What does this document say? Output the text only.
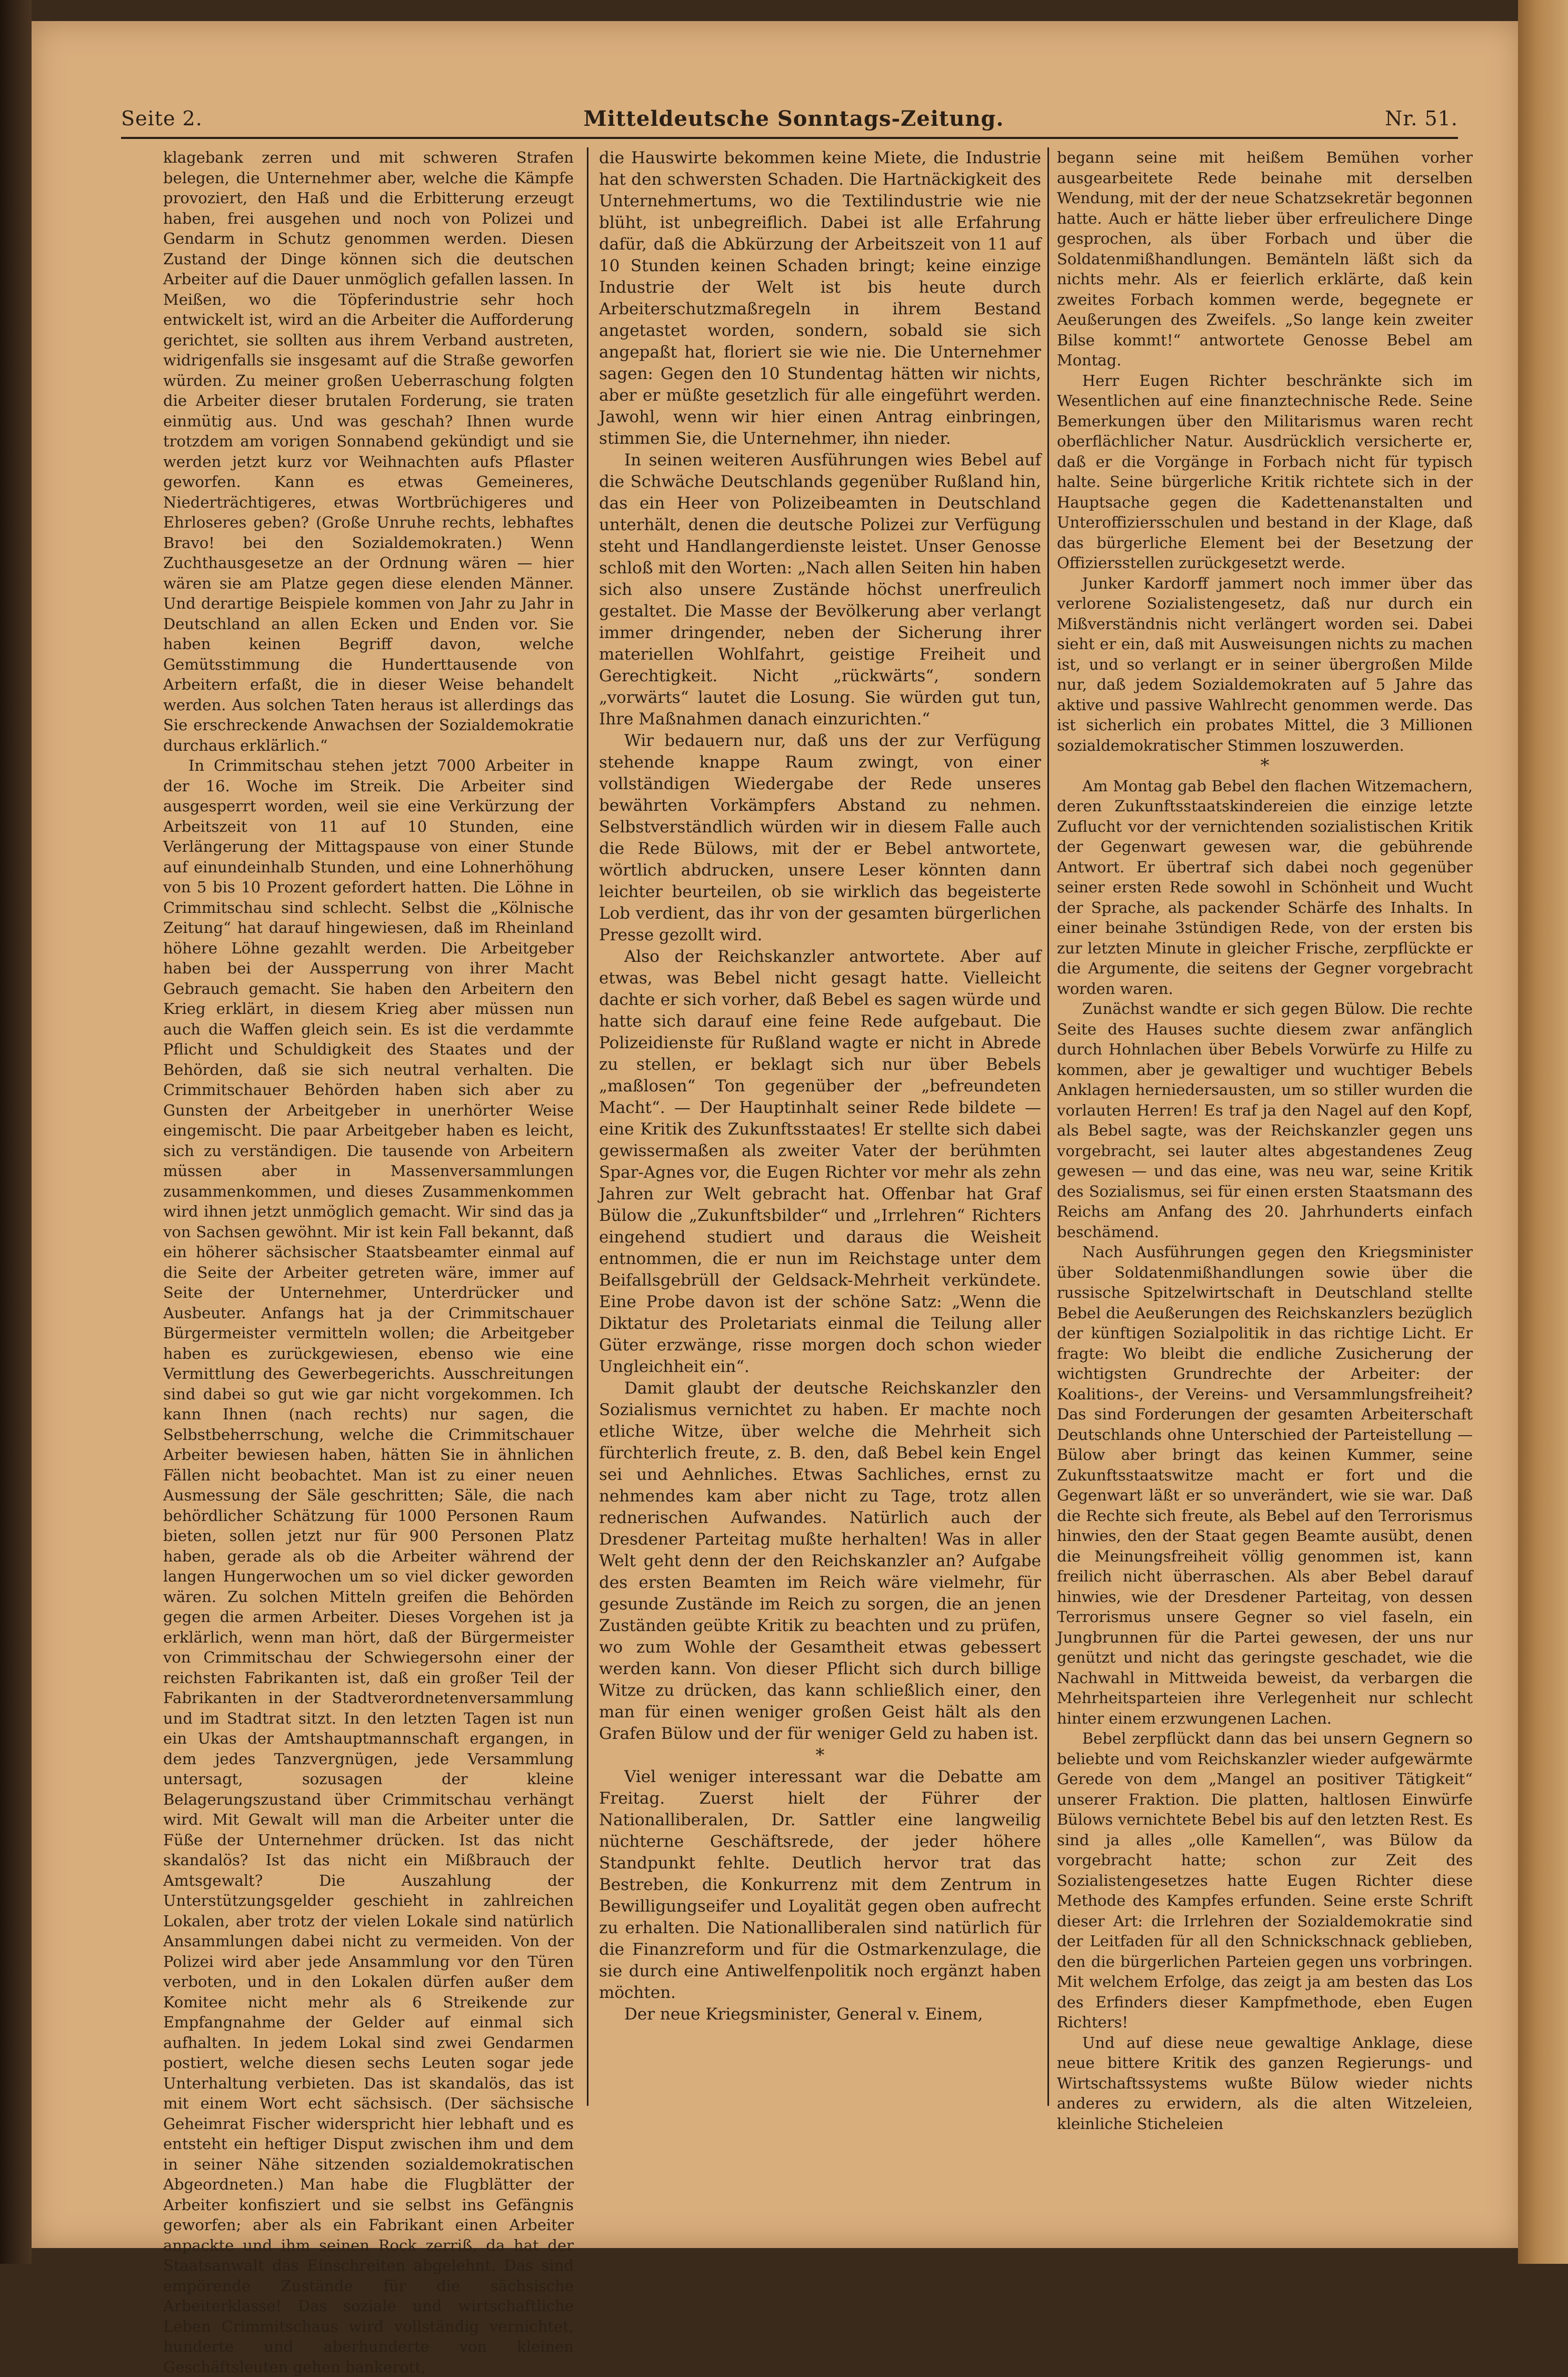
Seite 2.	Mitteldeutsche Sonntags-Zeitung.	Nr. 51.

klagebank zerren und mit schweren Strafen belegen, die Unternehmer aber, welche die Kämpfe provoziert, den Haß und die Erbitterung erzeugt haben, frei ausgehen und noch von Polizei und Gendarm in Schutz genommen werden. Diesen Zustand der Dinge können sich die deutschen Arbeiter auf die Dauer unmöglich gefallen lassen. In Meißen, wo die Töpferindustrie sehr hoch entwickelt ist, wird an die Arbeiter die Aufforderung gerichtet, sie sollten aus ihrem Verband austreten, widrigenfalls sie insgesamt auf die Straße geworfen würden. Zu meiner großen Ueberraschung folgten die Arbeiter dieser brutalen Forderung, sie traten einmütig aus. Und was geschah? Ihnen wurde trotzdem am vorigen Sonnabend gekündigt und sie werden jetzt kurz vor Weihnachten aufs Pflaster geworfen. Kann es etwas Gemeineres, Niederträchtigeres, etwas Wortbrüchigeres und Ehrloseres geben? (Große Unruhe rechts, lebhaftes Bravo! bei den Sozialdemokraten.) Wenn Zuchthausgesetze an der Ordnung wären — hier wären sie am Platze gegen diese elenden Männer. Und derartige Beispiele kommen von Jahr zu Jahr in Deutschland an allen Ecken und Enden vor. Sie haben keinen Begriff davon, welche Gemütsstimmung die Hunderttausende von Arbeitern erfaßt, die in dieser Weise behandelt werden. Aus solchen Taten heraus ist allerdings das Sie erschreckende Anwachsen der Sozialdemokratie durchaus erklärlich.“

In Crimmitschau stehen jetzt 7000 Arbeiter in der 16. Woche im Streik. Die Arbeiter sind ausgesperrt worden, weil sie eine Verkürzung der Arbeitszeit von 11 auf 10 Stunden, eine Verlängerung der Mittagspause von einer Stunde auf einundeinhalb Stunden, und eine Lohnerhöhung von 5 bis 10 Prozent gefordert hatten. Die Löhne in Crimmitschau sind schlecht. Selbst die „Kölnische Zeitung“ hat darauf hingewiesen, daß im Rheinland höhere Löhne gezahlt werden. Die Arbeitgeber haben bei der Aussperrung von ihrer Macht Gebrauch gemacht. Sie haben den Arbeitern den Krieg erklärt, in diesem Krieg aber müssen nun auch die Waffen gleich sein. Es ist die verdammte Pflicht und Schuldigkeit des Staates und der Behörden, daß sie sich neutral verhalten. Die Crimmitschauer Behörden haben sich aber zu Gunsten der Arbeitgeber in unerhörter Weise eingemischt. Die paar Arbeitgeber haben es leicht, sich zu verständigen. Die tausende von Arbeitern müssen aber in Massenversammlungen zusammenkommen, und dieses Zusammenkommen wird ihnen jetzt unmöglich gemacht. Wir sind das ja von Sachsen gewöhnt. Mir ist kein Fall bekannt, daß ein höherer sächsischer Staatsbeamter einmal auf die Seite der Arbeiter getreten wäre, immer auf Seite der Unternehmer, Unterdrücker und Ausbeuter. Anfangs hat ja der Crimmitschauer Bürgermeister vermitteln wollen; die Arbeitgeber haben es zurückgewiesen, ebenso wie eine Vermittlung des Gewerbegerichts. Ausschreitungen sind dabei so gut wie gar nicht vorgekommen. Ich kann Ihnen (nach rechts) nur sagen, die Selbstbeherrschung, welche die Crimmitschauer Arbeiter bewiesen haben, hätten Sie in ähnlichen Fällen nicht beobachtet. Man ist zu einer neuen Ausmessung der Säle geschritten; Säle, die nach behördlicher Schätzung für 1000 Personen Raum bieten, sollen jetzt nur für 900 Personen Platz haben, gerade als ob die Arbeiter während der langen Hungerwochen um so viel dicker geworden wären. Zu solchen Mitteln greifen die Behörden gegen die armen Arbeiter. Dieses Vorgehen ist ja erklärlich, wenn man hört, daß der Bürgermeister von Crimmitschau der Schwiegersohn einer der reichsten Fabrikanten ist, daß ein großer Teil der Fabrikanten in der Stadtverordnetenversammlung und im Stadtrat sitzt. In den letzten Tagen ist nun ein Ukas der Amtshauptmannschaft ergangen, in dem jedes Tanzvergnügen, jede Versammlung untersagt, sozusagen der kleine Belagerungszustand über Crimmitschau verhängt wird. Mit Gewalt will man die Arbeiter unter die Füße der Unternehmer drücken. Ist das nicht skandalös? Ist das nicht ein Mißbrauch der Amtsgewalt? Die Auszahlung der Unterstützungsgelder geschieht in zahlreichen Lokalen, aber trotz der vielen Lokale sind natürlich Ansammlungen dabei nicht zu vermeiden. Von der Polizei wird aber jede Ansammlung vor den Türen verboten, und in den Lokalen dürfen außer dem Komitee nicht mehr als 6 Streikende zur Empfangnahme der Gelder auf einmal sich aufhalten. In jedem Lokal sind zwei Gendarmen postiert, welche diesen sechs Leuten sogar jede Unterhaltung verbieten. Das ist skandalös, das ist mit einem Wort echt sächsisch. (Der sächsische Geheimrat Fischer widerspricht hier lebhaft und es entsteht ein heftiger Disput zwischen ihm und dem in seiner Nähe sitzenden sozialdemokratischen Abgeordneten.) Man habe die Flugblätter der Arbeiter konfisziert und sie selbst ins Gefängnis geworfen; aber als ein Fabrikant einen Arbeiter anpackte und ihm seinen Rock zerriß, da hat der Staatsanwalt das Einschreiten abgelehnt. Das sind empörende Zustände für die sächsische Arbeiterklasse! Das soziale und wirtschaftliche Leben Crimmitschaus wird vollständig vernichtet, hunderte und aberhunderte von kleinen Geschäftsleuten gehen bankerott,

die Hauswirte bekommen keine Miete, die Industrie hat den schwersten Schaden. Die Hartnäckigkeit des Unternehmertums, wo die Textilindustrie wie nie blüht, ist unbegreiflich. Dabei ist alle Erfahrung dafür, daß die Abkürzung der Arbeitszeit von 11 auf 10 Stunden keinen Schaden bringt; keine einzige Industrie der Welt ist bis heute durch Arbeiterschutzmaßregeln in ihrem Bestand angetastet worden, sondern, sobald sie sich angepaßt hat, floriert sie wie nie. Die Unternehmer sagen: Gegen den 10 Stundentag hätten wir nichts, aber er müßte gesetzlich für alle eingeführt werden. Jawohl, wenn wir hier einen Antrag einbringen, stimmen Sie, die Unternehmer, ihn nieder.

In seinen weiteren Ausführungen wies Bebel auf die Schwäche Deutschlands gegenüber Rußland hin, das ein Heer von Polizeibeamten in Deutschland unterhält, denen die deutsche Polizei zur Verfügung steht und Handlangerdienste leistet. Unser Genosse schloß mit den Worten: „Nach allen Seiten hin haben sich also unsere Zustände höchst unerfreulich gestaltet. Die Masse der Bevölkerung aber verlangt immer dringender, neben der Sicherung ihrer materiellen Wohlfahrt, geistige Freiheit und Gerechtigkeit. Nicht „rückwärts“, sondern „vorwärts“ lautet die Losung. Sie würden gut tun, Ihre Maßnahmen danach einzurichten.“

Wir bedauern nur, daß uns der zur Verfügung stehende knappe Raum zwingt, von einer vollständigen Wiedergabe der Rede unseres bewährten Vorkämpfers Abstand zu nehmen. Selbstverständlich würden wir in diesem Falle auch die Rede Bülows, mit der er Bebel antwortete, wörtlich abdrucken, unsere Leser könnten dann leichter beurteilen, ob sie wirklich das begeisterte Lob verdient, das ihr von der gesamten bürgerlichen Presse gezollt wird.

Also der Reichskanzler antwortete. Aber auf etwas, was Bebel nicht gesagt hatte. Vielleicht dachte er sich vorher, daß Bebel es sagen würde und hatte sich darauf eine feine Rede aufgebaut. Die Polizeidienste für Rußland wagte er nicht in Abrede zu stellen, er beklagt sich nur über Bebels „maßlosen“ Ton gegenüber der „befreundeten Macht“. — Der Hauptinhalt seiner Rede bildete — eine Kritik des Zukunftsstaates! Er stellte sich dabei gewissermaßen als zweiter Vater der berühmten Spar-Agnes vor, die Eugen Richter vor mehr als zehn Jahren zur Welt gebracht hat. Offenbar hat Graf Bülow die „Zukunftsbilder“ und „Irrlehren“ Richters eingehend studiert und daraus die Weisheit entnommen, die er nun im Reichstage unter dem Beifallsgebrüll der Geldsack-Mehrheit verkündete. Eine Probe davon ist der schöne Satz: „Wenn die Diktatur des Proletariats einmal die Teilung aller Güter erzwänge, risse morgen doch schon wieder Ungleichheit ein“.

Damit glaubt der deutsche Reichskanzler den Sozialismus vernichtet zu haben. Er machte noch etliche Witze, über welche die Mehrheit sich fürchterlich freute, z. B. den, daß Bebel kein Engel sei und Aehnliches. Etwas Sachliches, ernst zu nehmendes kam aber nicht zu Tage, trotz allen rednerischen Aufwandes. Natürlich auch der Dresdener Parteitag mußte herhalten! Was in aller Welt geht denn der den Reichskanzler an? Aufgabe des ersten Beamten im Reich wäre vielmehr, für gesunde Zustände im Reich zu sorgen, die an jenen Zuständen geübte Kritik zu beachten und zu prüfen, wo zum Wohle der Gesamtheit etwas gebessert werden kann. Von dieser Pflicht sich durch billige Witze zu drücken, das kann schließlich einer, den man für einen weniger großen Geist hält als den Grafen Bülow und der für weniger Geld zu haben ist.

*

Viel weniger interessant war die Debatte am Freitag. Zuerst hielt der Führer der Nationalliberalen, Dr. Sattler eine langweilig nüchterne Geschäftsrede, der jeder höhere Standpunkt fehlte. Deutlich hervor trat das Bestreben, die Konkurrenz mit dem Zentrum in Bewilligungseifer und Loyalität gegen oben aufrecht zu erhalten. Die Nationalliberalen sind natürlich für die Finanzreform und für die Ostmarkenzulage, die sie durch eine Antiwelfenpolitik noch ergänzt haben möchten.

Der neue Kriegsminister, General v. Einem,

begann seine mit heißem Bemühen vorher ausgearbeitete Rede beinahe mit derselben Wendung, mit der der neue Schatzsekretär begonnen hatte. Auch er hätte lieber über erfreulichere Dinge gesprochen, als über Forbach und über die Soldatenmißhandlungen. Bemänteln läßt sich da nichts mehr. Als er feierlich erklärte, daß kein zweites Forbach kommen werde, begegnete er Aeußerungen des Zweifels. „So lange kein zweiter Bilse kommt!“ antwortete Genosse Bebel am Montag.

Herr Eugen Richter beschränkte sich im Wesentlichen auf eine finanztechnische Rede. Seine Bemerkungen über den Militarismus waren recht oberflächlicher Natur. Ausdrücklich versicherte er, daß er die Vorgänge in Forbach nicht für typisch halte. Seine bürgerliche Kritik richtete sich in der Hauptsache gegen die Kadettenanstalten und Unteroffiziersschulen und bestand in der Klage, daß das bürgerliche Element bei der Besetzung der Offiziersstellen zurückgesetzt werde.

Junker Kardorff jammert noch immer über das verlorene Sozialistengesetz, daß nur durch ein Mißverständnis nicht verlängert worden sei. Dabei sieht er ein, daß mit Ausweisungen nichts zu machen ist, und so verlangt er in seiner übergroßen Milde nur, daß jedem Sozialdemokraten auf 5 Jahre das aktive und passive Wahlrecht genommen werde. Das ist sicherlich ein probates Mittel, die 3 Millionen sozialdemokratischer Stimmen loszuwerden.

*

Am Montag gab Bebel den flachen Witzemachern, deren Zukunftsstaatskindereien die einzige letzte Zuflucht vor der vernichtenden sozialistischen Kritik der Gegenwart gewesen war, die gebührende Antwort. Er übertraf sich dabei noch gegenüber seiner ersten Rede sowohl in Schönheit und Wucht der Sprache, als packender Schärfe des Inhalts. In einer beinahe 3stündigen Rede, von der ersten bis zur letzten Minute in gleicher Frische, zerpflückte er die Argumente, die seitens der Gegner vorgebracht worden waren.

Zunächst wandte er sich gegen Bülow. Die rechte Seite des Hauses suchte diesem zwar anfänglich durch Hohnlachen über Bebels Vorwürfe zu Hilfe zu kommen, aber je gewaltiger und wuchtiger Bebels Anklagen herniedersausten, um so stiller wurden die vorlauten Herren! Es traf ja den Nagel auf den Kopf, als Bebel sagte, was der Reichskanzler gegen uns vorgebracht, sei lauter altes abgestandenes Zeug gewesen — und das eine, was neu war, seine Kritik des Sozialismus, sei für einen ersten Staatsmann des Reichs am Anfang des 20. Jahrhunderts einfach beschämend.

Nach Ausführungen gegen den Kriegsminister über Soldatenmißhandlungen sowie über die russische Spitzelwirtschaft in Deutschland stellte Bebel die Aeußerungen des Reichskanzlers bezüglich der künftigen Sozialpolitik in das richtige Licht. Er fragte: Wo bleibt die endliche Zusicherung der wichtigsten Grundrechte der Arbeiter: der Koalitions-, der Vereins- und Versammlungsfreiheit? Das sind Forderungen der gesamten Arbeiterschaft Deutschlands ohne Unterschied der Parteistellung — Bülow aber bringt das keinen Kummer, seine Zukunftsstaatswitze macht er fort und die Gegenwart läßt er so unverändert, wie sie war. Daß die Rechte sich freute, als Bebel auf den Terrorismus hinwies, den der Staat gegen Beamte ausübt, denen die Meinungsfreiheit völlig genommen ist, kann freilich nicht überraschen. Als aber Bebel darauf hinwies, wie der Dresdener Parteitag, von dessen Terrorismus unsere Gegner so viel faseln, ein Jungbrunnen für die Partei gewesen, der uns nur genützt und nicht das geringste geschadet, wie die Nachwahl in Mittweida beweist, da verbargen die Mehrheitsparteien ihre Verlegenheit nur schlecht hinter einem erzwungenen Lachen.

Bebel zerpflückt dann das bei unsern Gegnern so beliebte und vom Reichskanzler wieder aufgewärmte Gerede von dem „Mangel an positiver Tätigkeit“ unserer Fraktion. Die platten, haltlosen Einwürfe Bülows vernichtete Bebel bis auf den letzten Rest. Es sind ja alles „olle Kamellen“, was Bülow da vorgebracht hatte; schon zur Zeit des Sozialistengesetzes hatte Eugen Richter diese Methode des Kampfes erfunden. Seine erste Schrift dieser Art: die Irrlehren der Sozialdemokratie sind der Leitfaden für all den Schnickschnack geblieben, den die bürgerlichen Parteien gegen uns vorbringen. Mit welchem Erfolge, das zeigt ja am besten das Los des Erfinders dieser Kampfmethode, eben Eugen Richters!

Und auf diese neue gewaltige Anklage, diese neue bittere Kritik des ganzen Regierungs- und Wirtschaftssystems wußte Bülow wieder nichts anderes zu erwidern, als die alten Witzeleien, kleinliche Sticheleien
